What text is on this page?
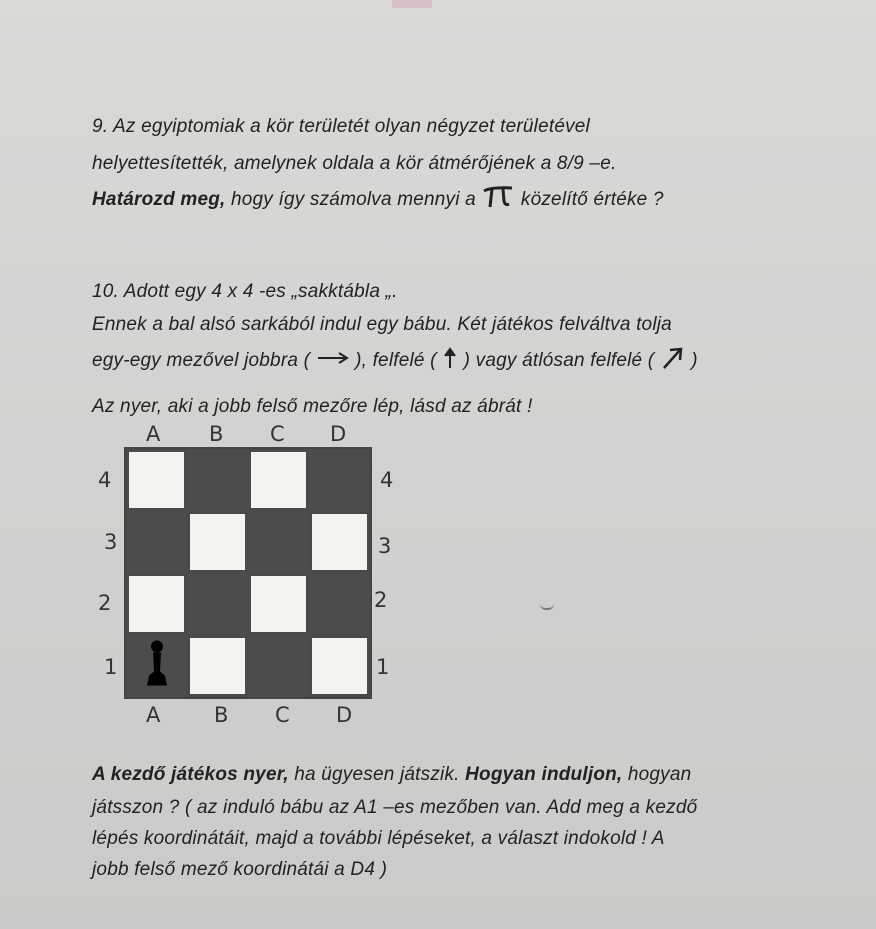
9. Az egyiptomiak a kör területét olyan négyzet területével
helyettesítették, amelynek oldala a kör átmérőjének a 8/9 –e.
Határozd meg, hogy így számolva mennyi a  közelítő értéke ?
10. Adott egy 4 x 4 -es „sakktábla „.
Ennek a bal alsó sarkából indul egy bábu. Két játékos felváltva tolja
egy-egy mezővel jobbra (  ), felfelé (  ) vagy átlósan felfelé (  )
Az nyer, aki a jobb felső mezőre lép, lásd az ábrát !
A B C D
4
3
2
1
4
3
2
1
A	B C D
A kezdő játékos nyer, ha ügyesen játszik. Hogyan induljon, hogyan
játsszon ? ( az induló bábu az A1 –es mezőben van. Add meg a kezdő
lépés koordinátáit, majd a további lépéseket, a választ indokold ! A
jobb felső mező koordinátái a D4 )
